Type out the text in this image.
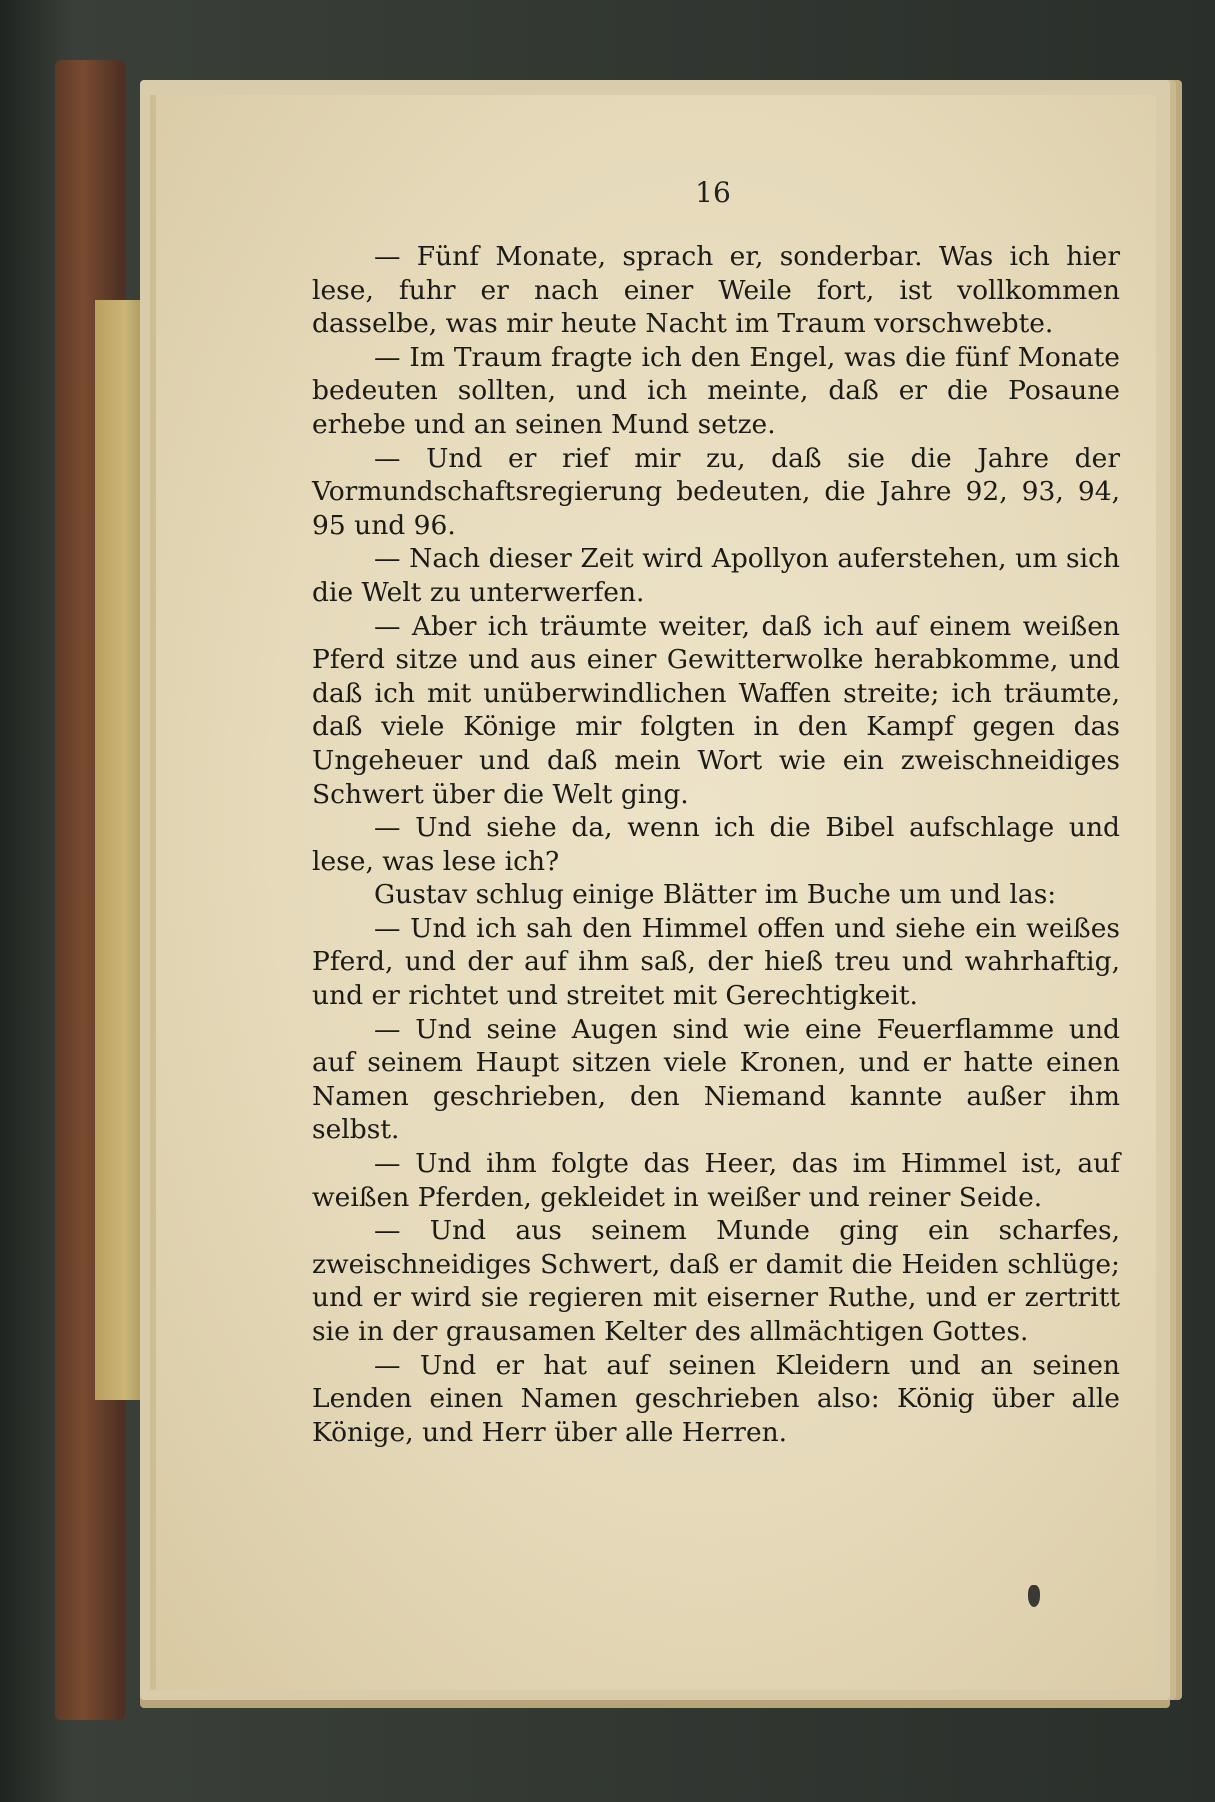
16

— Fünf Monate, sprach er, sonderbar. Was ich hier lese, fuhr er nach einer Weile fort, ist vollkommen dasselbe, was mir heute Nacht im Traum vorschwebte.

— Im Traum fragte ich den Engel, was die fünf Monate bedeuten sollten, und ich meinte, daß er die Posaune erhebe und an seinen Mund setze.

— Und er rief mir zu, daß sie die Jahre der Vormundschaftsregierung bedeuten, die Jahre 92, 93, 94, 95 und 96.

— Nach dieser Zeit wird Apollyon auferstehen, um sich die Welt zu unterwerfen.

— Aber ich träumte weiter, daß ich auf einem weißen Pferd sitze und aus einer Gewitterwolke herabkomme, und daß ich mit unüberwindlichen Waffen streite; ich träumte, daß viele Könige mir folgten in den Kampf gegen das Ungeheuer und daß mein Wort wie ein zweischneidiges Schwert über die Welt ging.

— Und siehe da, wenn ich die Bibel aufschlage und lese, was lese ich?

Gustav schlug einige Blätter im Buche um und las:

— Und ich sah den Himmel offen und siehe ein weißes Pferd, und der auf ihm saß, der hieß treu und wahrhaftig, und er richtet und streitet mit Gerechtigkeit.

— Und seine Augen sind wie eine Feuerflamme und auf seinem Haupt sitzen viele Kronen, und er hatte einen Namen geschrieben, den Niemand kannte außer ihm selbst.

— Und ihm folgte das Heer, das im Himmel ist, auf weißen Pferden, gekleidet in weißer und reiner Seide.

— Und aus seinem Munde ging ein scharfes, zweischneidiges Schwert, daß er damit die Heiden schlüge; und er wird sie regieren mit eiserner Ruthe, und er zertritt sie in der grausamen Kelter des allmächtigen Gottes.

— Und er hat auf seinen Kleidern und an seinen Lenden einen Namen geschrieben also: König über alle Könige, und Herr über alle Herren.
